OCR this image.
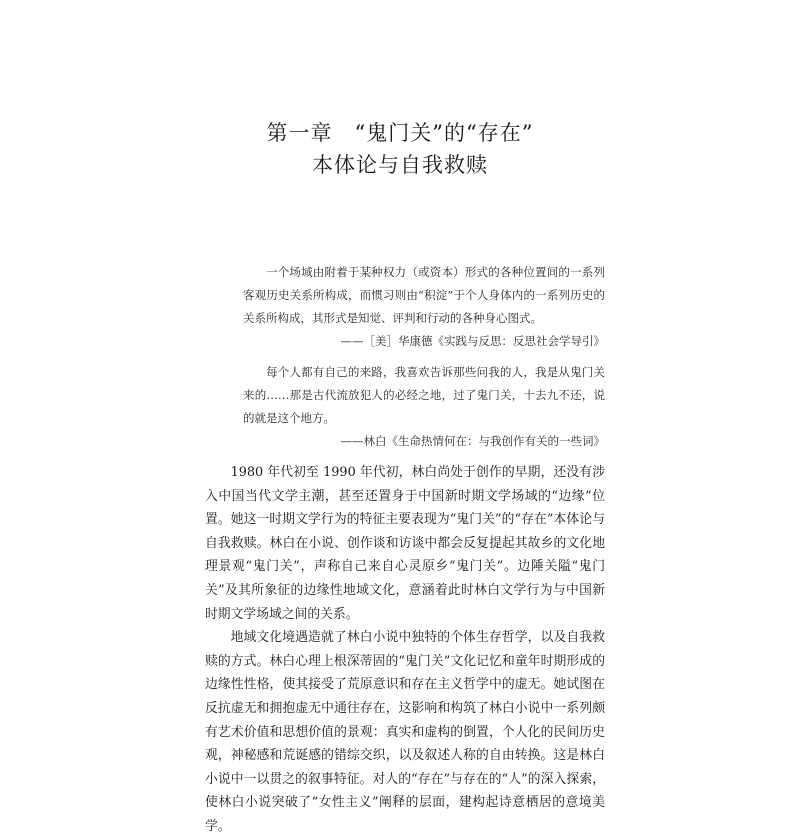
第一章　“鬼门关”的“存在”
本体论与自我救赎

一个场域由附着于某种权力（或资本）形式的各种位置间的一系列客观历史关系所构成，而惯习则由“积淀”于个人身体内的一系列历史的关系所构成，其形式是知觉、评判和行动的各种身心图式。

——［美］华康德《实践与反思：反思社会学导引》

每个人都有自己的来路，我喜欢告诉那些问我的人，我是从鬼门关来的……那是古代流放犯人的必经之地，过了鬼门关，十去九不还，说的就是这个地方。

——林白《生命热情何在：与我创作有关的一些词》

1980 年代初至 1990 年代初，林白尚处于创作的早期，还没有涉入中国当代文学主潮，甚至还置身于中国新时期文学场域的“边缘”位置。她这一时期文学行为的特征主要表现为“鬼门关”的“存在”本体论与自我救赎。林白在小说、创作谈和访谈中都会反复提起其故乡的文化地理景观“鬼门关”，声称自己来自心灵原乡“鬼门关”。边陲关隘“鬼门关”及其所象征的边缘性地域文化，意涵着此时林白文学行为与中国新时期文学场域之间的关系。

地域文化境遇造就了林白小说中独特的个体生存哲学，以及自我救赎的方式。林白心理上根深蒂固的“鬼门关”文化记忆和童年时期形成的边缘性性格，使其接受了荒原意识和存在主义哲学中的虚无。她试图在反抗虚无和拥抱虚无中通往存在，这影响和构筑了林白小说中一系列颇有艺术价值和思想价值的景观：真实和虚构的倒置，个人化的民间历史观，神秘感和荒诞感的错综交织，以及叙述人称的自由转换。这是林白小说中一以贯之的叙事特征。对人的“存在”与存在的“人”的深入探索，使林白小说突破了“女性主义”阐释的层面，建构起诗意栖居的意境美学。
